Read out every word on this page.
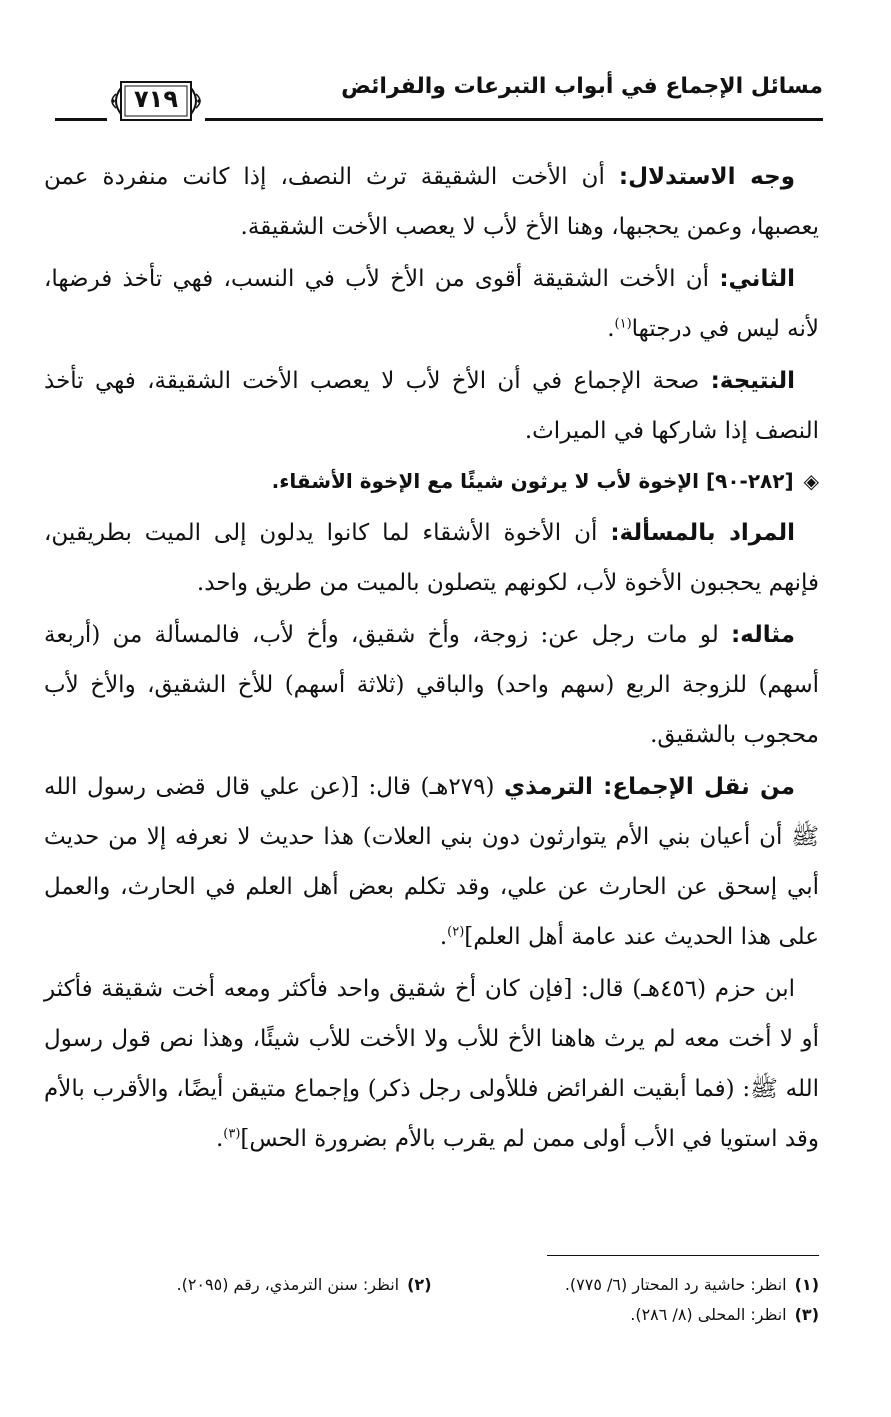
مسائل الإجماع في أبواب التبرعات والفرائض
٧١٩

وجه الاستدلال: أن الأخت الشقيقة ترث النصف، إذا كانت منفردة عمن يعصبها، وعمن يحجبها، وهنا الأخ لأب لا يعصب الأخت الشقيقة.

الثاني: أن الأخت الشقيقة أقوى من الأخ لأب في النسب، فهي تأخذ فرضها، لأنه ليس في درجتها$^{(١)}$.

النتيجة: صحة الإجماع في أن الأخ لأب لا يعصب الأخت الشقيقة، فهي تأخذ النصف إذا شاركها في الميراث.

◈[٢٨٢-٩٠] الإخوة لأب لا يرثون شيئًا مع الإخوة الأشقاء.

المراد بالمسألة: أن الأخوة الأشقاء لما كانوا يدلون إلى الميت بطريقين، فإنهم يحجبون الأخوة لأب، لكونهم يتصلون بالميت من طريق واحد.

مثاله: لو مات رجل عن: زوجة، وأخ شقيق، وأخ لأب، فالمسألة من (أربعة أسهم) للزوجة الربع (سهم واحد) والباقي (ثلاثة أسهم) للأخ الشقيق، والأخ لأب محجوب بالشقيق.

من نقل الإجماع: الترمذي (٢٧٩هـ) قال: [(عن علي قال قضى رسول الله ﷺ أن أعيان بني الأم يتوارثون دون بني العلات) هذا حديث لا نعرفه إلا من حديث أبي إسحق عن الحارث عن علي، وقد تكلم بعض أهل العلم في الحارث، والعمل على هذا الحديث عند عامة أهل العلم]$^{(٢)}$.

ابن حزم (٤٥٦هـ) قال: [فإن كان أخ شقيق واحد فأكثر ومعه أخت شقيقة فأكثر أو لا أخت معه لم يرث هاهنا الأخ للأب ولا الأخت للأب شيئًا، وهذا نص قول رسول الله ﷺ: (فما أبقيت الفرائض فللأولى رجل ذكر) وإجماع متيقن أيضًا، والأقرب بالأم وقد استويا في الأب أولى ممن لم يقرب بالأم بضرورة الحس]$^{(٣)}$.

(١)انظر: حاشية رد المحتار (٦/ ٧٧٥).
(٢)انظر: سنن الترمذي، رقم (٢٠٩٥).
(٣)انظر: المحلى (٨/ ٢٨٦).
